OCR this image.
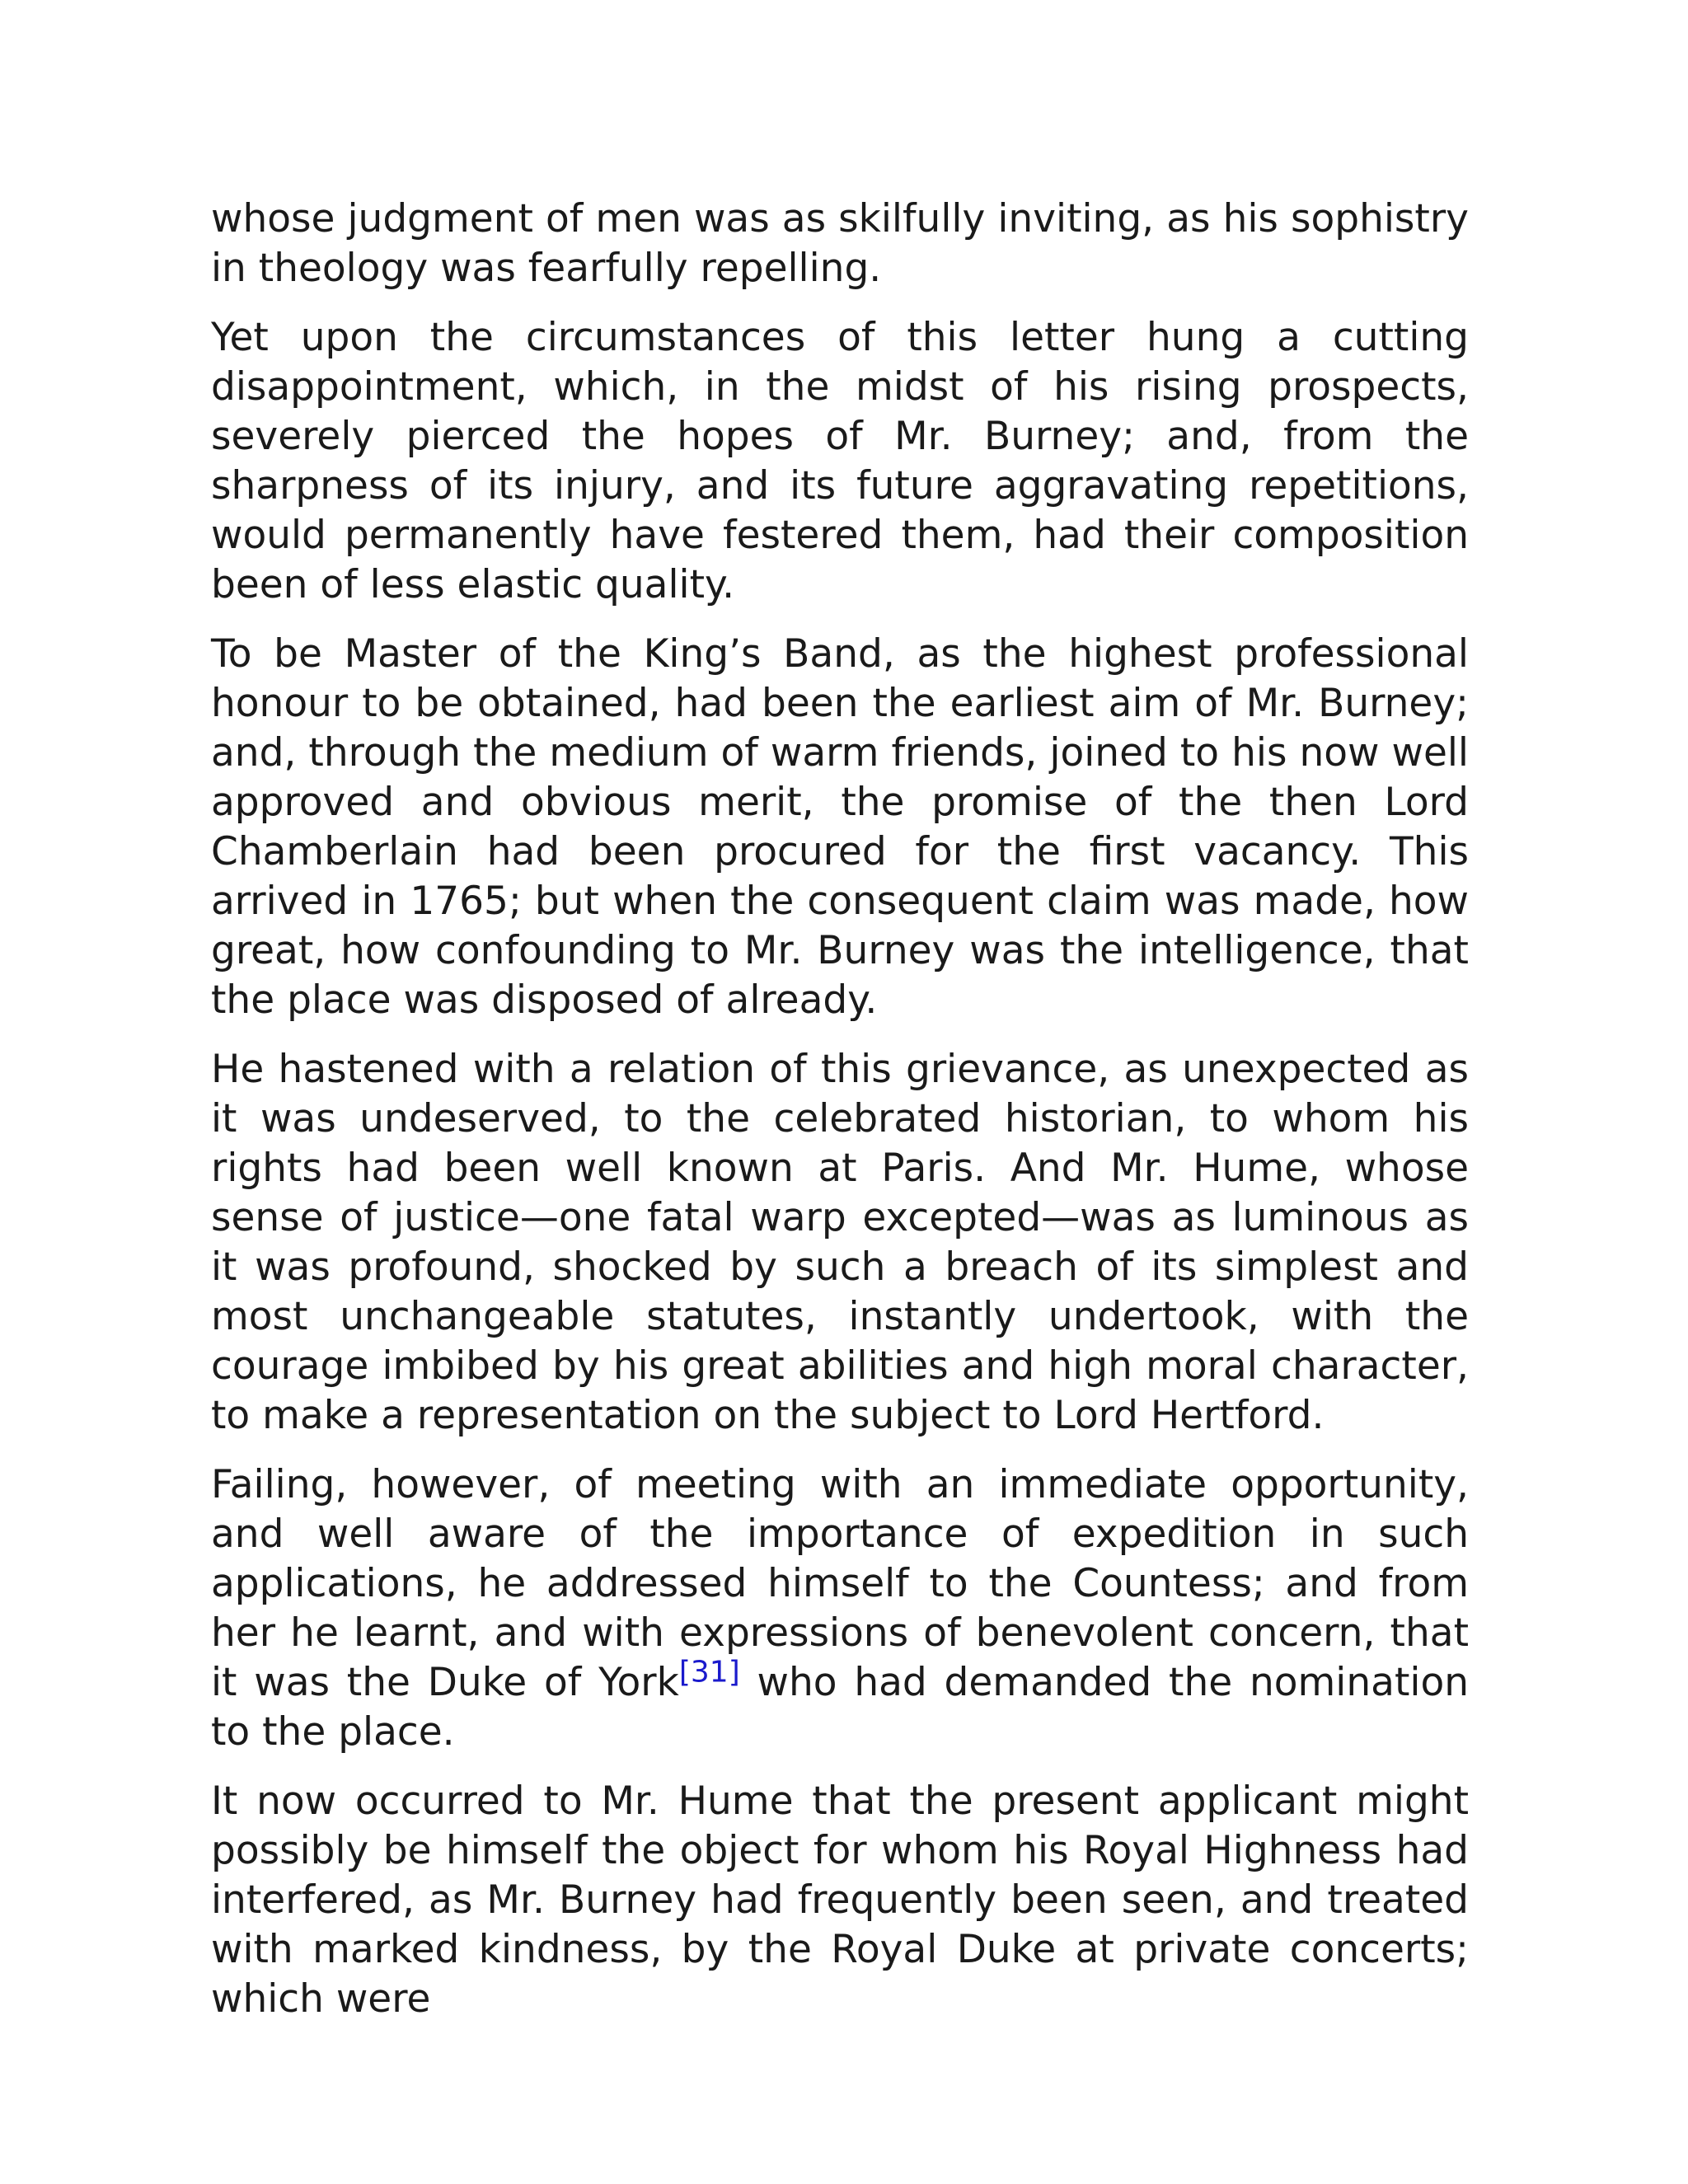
whose judgment of men was as skilfully inviting, as his sophistry in theology was fearfully repelling.

Yet upon the circumstances of this letter hung a cutting disappointment, which, in the midst of his rising prospects, severely pierced the hopes of Mr. Burney; and, from the sharpness of its injury, and its future aggravating repetitions, would permanently have festered them, had their composition been of less elastic quality.

To be Master of the King’s Band, as the highest professional honour to be obtained, had been the earliest aim of Mr. Burney; and, through the medium of warm friends, joined to his now well approved and obvious merit, the promise of the then Lord Chamberlain had been procured for the first vacancy. This arrived in 1765; but when the consequent claim was made, how great, how confounding to Mr. Burney was the intelligence, that the place was disposed of already.

He hastened with a relation of this grievance, as unexpected as it was undeserved, to the celebrated historian, to whom his rights had been well known at Paris. And Mr. Hume, whose sense of justice—one fatal warp excepted—was as luminous as it was profound, shocked by such a breach of its simplest and most unchangeable statutes, instantly undertook, with the courage imbibed by his great abilities and high moral character, to make a representation on the subject to Lord Hertford.

Failing, however, of meeting with an immediate opportunity, and well aware of the importance of expedition in such applications, he addressed himself to the Countess; and from her he learnt, and with expressions of benevolent concern, that it was the Duke of York[31] who had demanded the nomination to the place.

It now occurred to Mr. Hume that the present applicant might possibly be himself the object for whom his Royal Highness had interfered, as Mr. Burney had frequently been seen, and treated with marked kindness, by the Royal Duke at private concerts; which were
